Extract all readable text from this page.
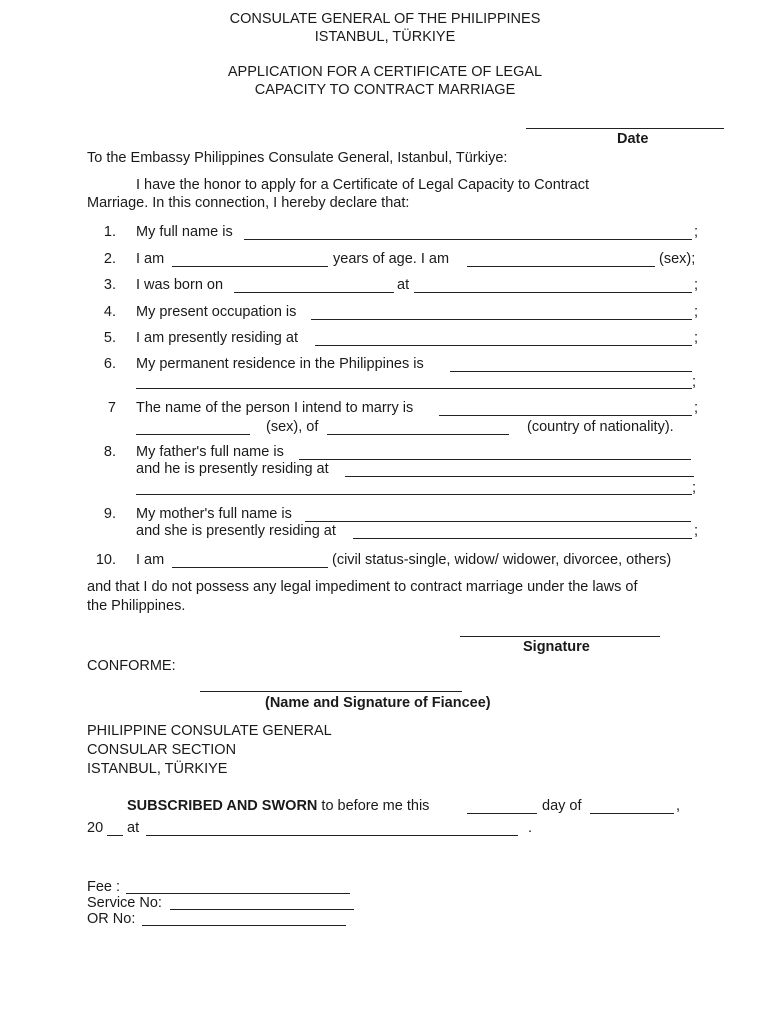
CONSULATE GENERAL OF THE PHILIPPINES
ISTANBUL, TÜRKIYE
APPLICATION FOR A CERTIFICATE OF LEGAL
CAPACITY TO CONTRACT MARRIAGE
Date
To the Embassy Philippines Consulate General, Istanbul, Türkiye:
I have the honor to apply for a Certificate of Legal Capacity to Contract
Marriage. In this connection, I hereby declare that:
1. My full name is	;
2. I am	years of age. I am	(sex);
3. I was born on	at	;
4. My present occupation is	;
5. I am presently residing at	;
6. My permanent residence in the Philippines is
;
7 The name of the person I intend to marry is	;
(sex), of	(country of nationality).
8. My father's full name is
and he is presently residing at
;
9. My mother's full name is
and she is presently residing at	;
10. I am	(civil status-single, widow/ widower, divorcee, others)
and that I do not possess any legal impediment to contract marriage under the laws of
the Philippines.
Signature
CONFORME:
(Name and Signature of Fiancee)
PHILIPPINE CONSULATE GENERAL
CONSULAR SECTION
ISTANBUL, TÜRKIYE
SUBSCRIBED AND SWORN to before me this	day of	,
20 at	.
Fee :
Service No:
OR No:
